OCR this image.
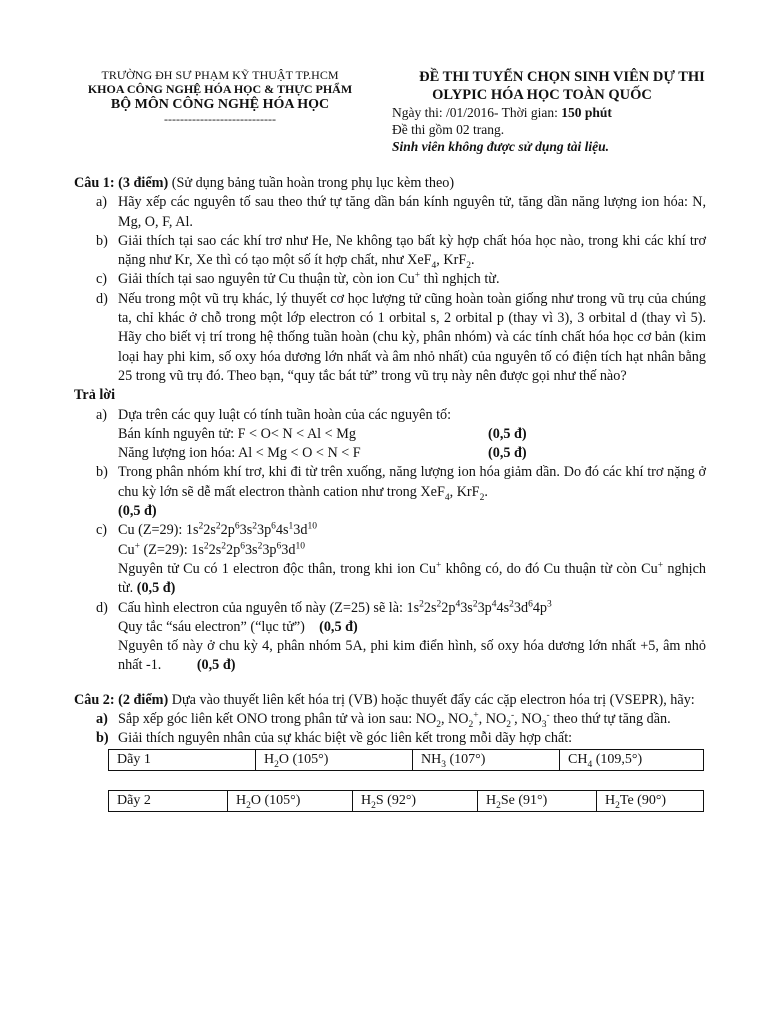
TRƯỜNG ĐH SƯ PHẠM KỸ THUẬT TP.HCM
KHOA CÔNG NGHỆ HÓA HỌC & THỰC PHẨM
BỘ MÔN CÔNG NGHỆ HÓA HỌC
----------------------------
ĐỀ THI TUYỂN CHỌN SINH VIÊN DỰ THI
OLYPIC HÓA HỌC TOÀN QUỐC
Ngày thi: /01/2016- Thời gian: 150 phút
Đề thi gồm 02 trang.
Sinh viên không được sử dụng tài liệu.

Câu 1: (3 điểm) (Sử dụng bảng tuần hoàn trong phụ lục kèm theo)

a) Hãy xếp các nguyên tố sau theo thứ tự tăng dần bán kính nguyên tử, tăng dần năng lượng ion hóa: N, Mg, O, F, Al.
b) Giải thích tại sao các khí trơ như He, Ne không tạo bất kỳ hợp chất hóa học nào, trong khi các khí trơ nặng như Kr, Xe thì có tạo một số ít hợp chất, như XeF$_4$, KrF$_2$.
c) Giải thích tại sao nguyên tử Cu thuận từ, còn ion Cu+ thì nghịch từ.
d) Nếu trong một vũ trụ khác, lý thuyết cơ học lượng tử cũng hoàn toàn giống như trong vũ trụ của chúng ta, chỉ khác ở chỗ trong một lớp electron có 1 orbital s, 2 orbital p (thay vì 3), 3 orbital d (thay vì 5). Hãy cho biết vị trí trong hệ thống tuần hoàn (chu kỳ, phân nhóm) và các tính chất hóa học cơ bản (kim loại hay phi kim, số oxy hóa dương lớn nhất và âm nhỏ nhất) của nguyên tố có điện tích hạt nhân bằng 25 trong vũ trụ đó. Theo bạn, “quy tắc bát tử” trong vũ trụ này nên được gọi như thế nào?

Trả lời

a) Dựa trên các quy luật có tính tuần hoàn của các nguyên tố:
Bán kính nguyên tử: F < O< N < Al < Mg	(0,5 đ)
Năng lượng ion hóa: Al < Mg < O < N < F	(0,5 đ)
b) Trong phân nhóm khí trơ, khi đi từ trên xuống, năng lượng ion hóa giảm dần. Do đó các khí trơ nặng ở chu kỳ lớn sẽ dễ mất electron thành cation như trong XeF$_4$, KrF$_2$.
(0,5 đ)
c) Cu (Z=29): $1s^22s^22p^63s^23p^64s^13d^{10}$
Cu+ (Z=29): $1s^22s^22p^63s^23p^63d^{10}$
Nguyên tử Cu có 1 electron độc thân, trong khi ion Cu+ không có, do đó Cu thuận từ còn Cu+ nghịch từ. (0,5 đ)
d) Cấu hình electron của nguyên tố này (Z=25) sẽ là: $1s^22s^22p^43s^23p^44s^23d^64p^3$
Quy tắc “sáu electron” (“lục tử”) (0,5 đ)
Nguyên tố này ở chu kỳ 4, phân nhóm 5A, phi kim điển hình, số oxy hóa dương lớn nhất +5, âm nhỏ nhất -1. (0,5 đ)

Câu 2: (2 điểm) Dựa vào thuyết liên kết hóa trị (VB) hoặc thuyết đẩy các cặp electron hóa trị (VSEPR), hãy:

a) Sắp xếp góc liên kết ONO trong phân tử và ion sau: $NO_2$, $NO_2^+$, $NO_2^-$, $NO_3^-$ theo thứ tự tăng dần.
b) Giải thích nguyên nhân của sự khác biệt về góc liên kết trong mỗi dãy hợp chất:
Dãy 1	$H_2O$ (105°)	$NH_3$ (107°)	$CH_4$ (109,5°)
Dãy 2	$H_2O$ (105°)	$H_2S$ (92°)	$H_2Se$ (91°)	$H_2Te$ (90°)
